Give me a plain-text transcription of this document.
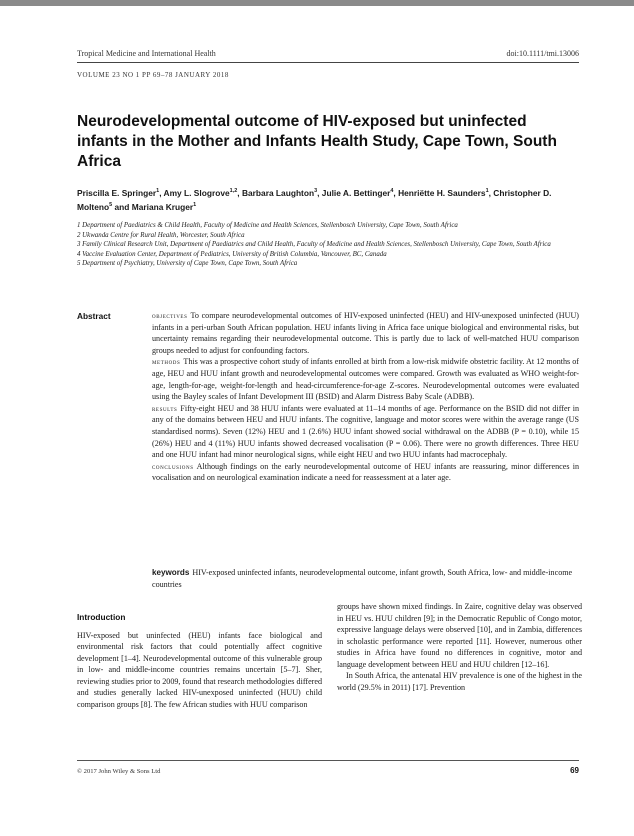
Tropical Medicine and International Health	doi:10.1111/tmi.13006
VOLUME 23 NO 1 PP 69–78 JANUARY 2018
Neurodevelopmental outcome of HIV-exposed but uninfected infants in the Mother and Infants Health Study, Cape Town, South Africa
Priscilla E. Springer$^1$, Amy L. Slogrove$^{1,2}$, Barbara Laughton$^3$, Julie A. Bettinger$^4$, Henriëtte H. Saunders$^1$, Christopher D. Molteno$^5$ and Mariana Kruger$^1$
1 Department of Paediatrics & Child Health, Faculty of Medicine and Health Sciences, Stellenbosch University, Cape Town, South Africa
2 Ukwanda Centre for Rural Health, Worcester, South Africa
3 Family Clinical Research Unit, Department of Paediatrics and Child Health, Faculty of Medicine and Health Sciences, Stellenbosch University, Cape Town, South Africa
4 Vaccine Evaluation Center, Department of Pediatrics, University of British Columbia, Vancouver, BC, Canada
5 Department of Psychiatry, University of Cape Town, Cape Town, South Africa
Abstract	objectives To compare neurodevelopmental outcomes of HIV-exposed uninfected (HEU) and HIV-unexposed uninfected (HUU) infants in a peri-urban South African population. HEU infants living in Africa face unique biological and environmental risks, but uncertainty remains regarding their neurodevelopmental outcome. This is partly due to lack of well-matched HUU comparison groups needed to adjust for confounding factors.

methods This was a prospective cohort study of infants enrolled at birth from a low-risk midwife obstetric facility. At 12 months of age, HEU and HUU infant growth and neurodevelopmental outcomes were compared. Growth was evaluated as WHO weight-for-age, length-for-age, weight-for-length and head-circumference-for-age Z-scores. Neurodevelopmental outcomes were evaluated using the Bayley scales of Infant Development III (BSID) and Alarm Distress Baby Scale (ADBB).

results Fifty-eight HEU and 38 HUU infants were evaluated at 11–14 months of age. Performance on the BSID did not differ in any of the domains between HEU and HUU infants. The cognitive, language and motor scores were within the average range (US standardised norms). Seven (12%) HEU and 1 (2.6%) HUU infant showed social withdrawal on the ADBB (P = 0.10), while 15 (26%) HEU and 4 (11%) HUU infants showed decreased vocalisation (P = 0.06). There were no growth differences. Three HEU and one HUU infant had minor neurological signs, while eight HEU and two HUU infants had macrocephaly.

conclusions Although findings on the early neurodevelopmental outcome of HEU infants are reassuring, minor differences in vocalisation and on neurological examination indicate a need for reassessment at a later age.

keywords HIV-exposed uninfected infants, neurodevelopmental outcome, infant growth, South Africa, low- and middle-income countries
Introduction

HIV-exposed but uninfected (HEU) infants face biological and environmental risk factors that could potentially affect cognitive development [1–4]. Neurodevelopmental outcome of this vulnerable group in low- and middle-income countries remains uncertain [5–7]. Sher, reviewing studies prior to 2009, found that research methodologies differed and studies generally lacked HIV-unexposed uninfected (HUU) child comparison groups [8]. The few African studies with HUU comparison

groups have shown mixed findings. In Zaire, cognitive delay was observed in HEU vs. HUU children [9]; in the Democratic Republic of Congo motor, expressive language delays were observed [10], and in Zambia, differences in scholastic performance were reported [11]. However, numerous other studies in Africa have found no differences in cognitive, motor and language development between HEU and HUU children [12–16].

In South Africa, the antenatal HIV prevalence is one of the highest in the world (29.5% in 2011) [17]. Prevention

© 2017 John Wiley & Sons Ltd	69
